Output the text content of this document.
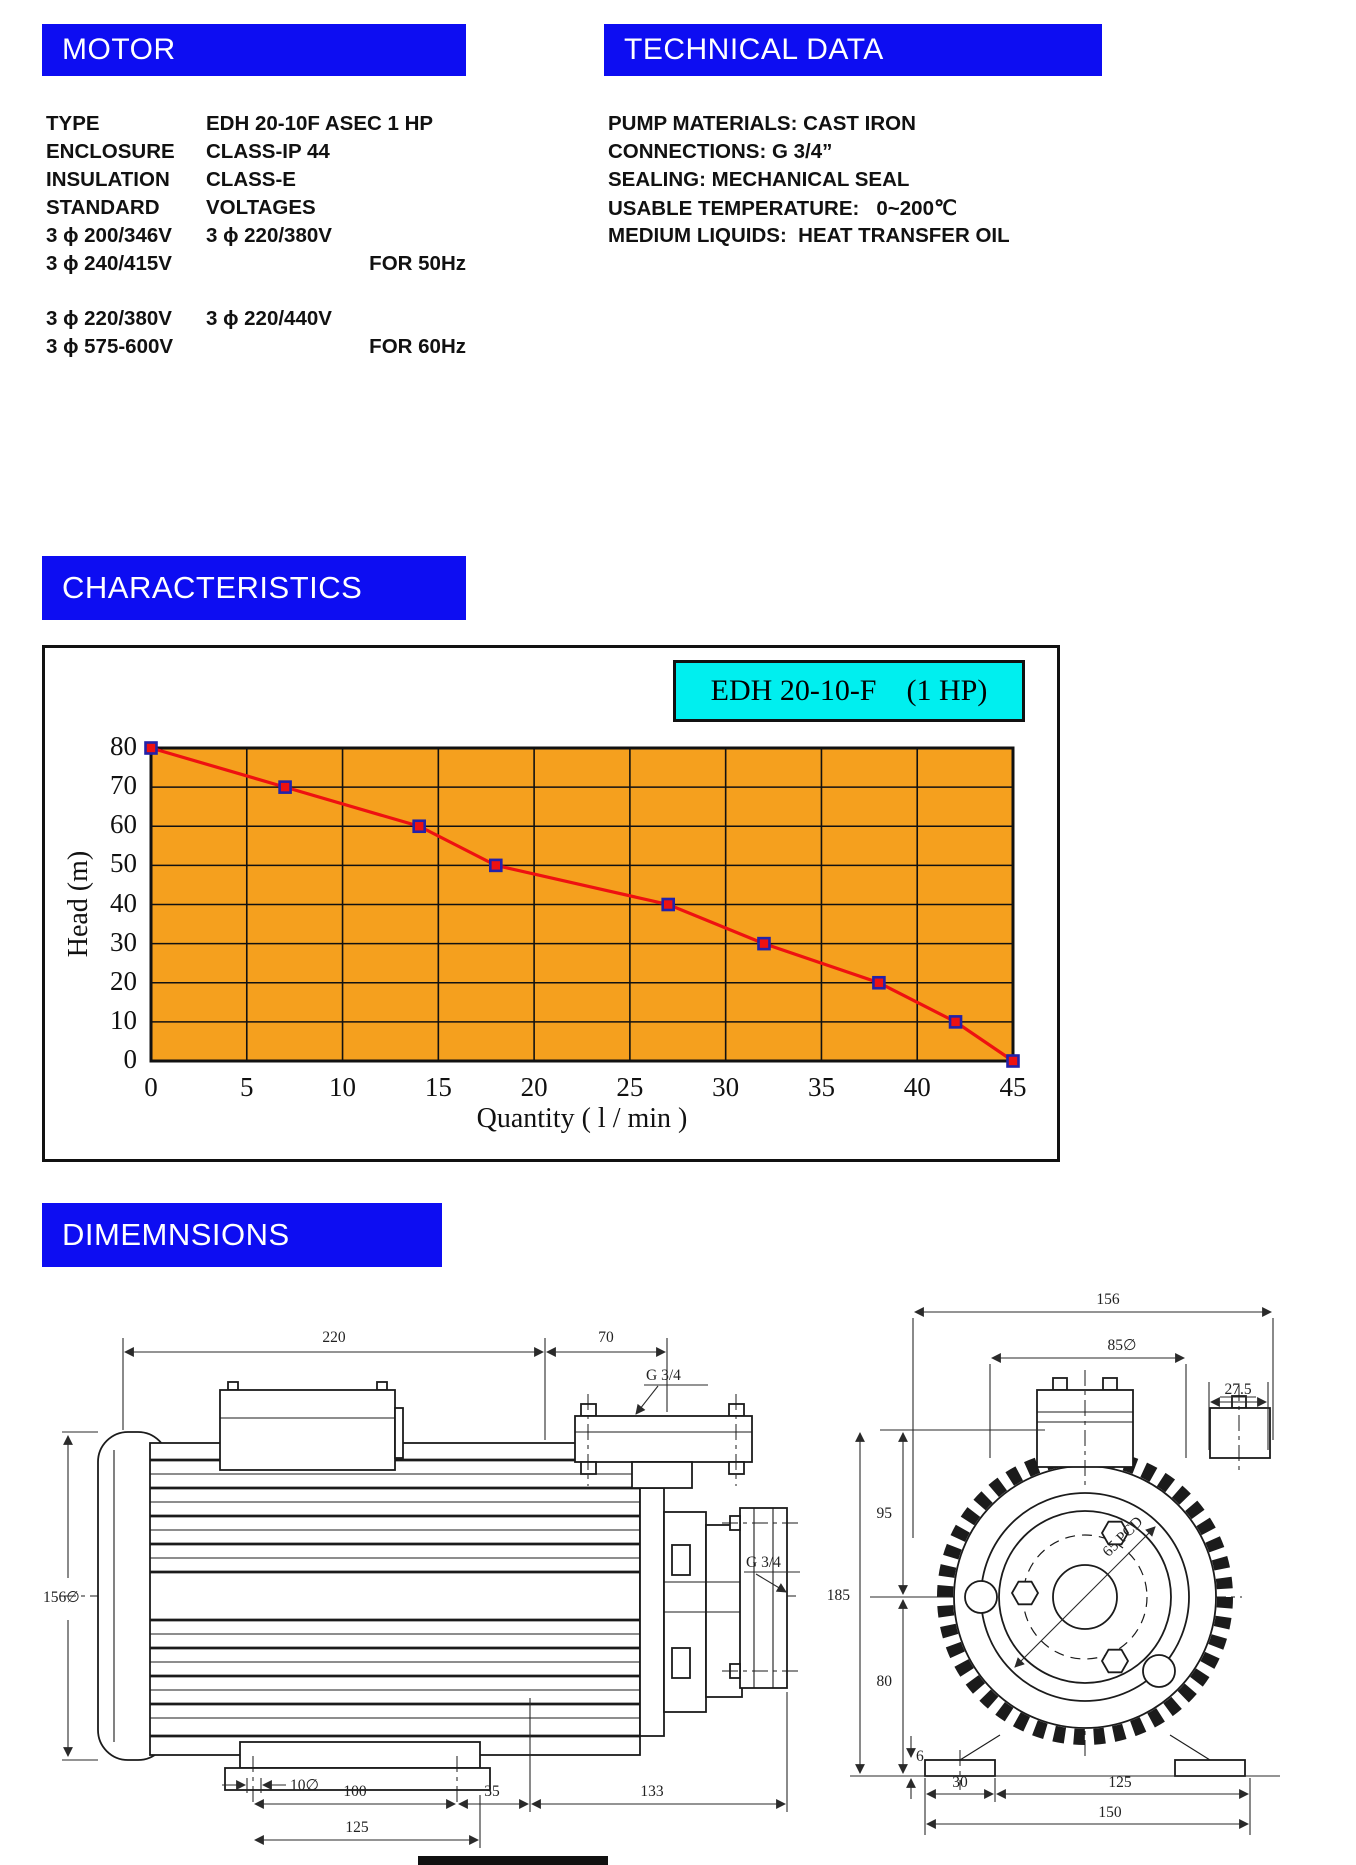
MOTOR	TECHNICAL DATA
TYPE	EDH 20-10F ASEC 1 HP
ENCLOSURE	CLASS-IP 44
INSULATION	CLASS-E
STANDARD	VOLTAGES
3 ϕ 200/346V	3 ϕ 220/380V
3 ϕ 240/415V	FOR 50Hz
3 ϕ 220/380V	3 ϕ 220/440V
3 ϕ 575-600V	FOR 60Hz
PUMP MATERIALS: CAST IRON
CONNECTIONS: G 3/4”
SEALING: MECHANICAL SEAL
USABLE TEMPERATURE:   0~200℃
MEDIUM LIQUIDS:  HEAT TRANSFER OIL
CHARACTERISTICS
EDH 20-10-F    (1 HP)
0
10
20
30
40
50
60
70
80
0	5	10	15	20	25	30	35	40	45
Head (m)
Quantity ( l / min )
DIMEMNSIONS
220	70
G 3/4
156∅
G 3/4
10∅ 100	35	133
125
65 PCD
156
85∅
27.5
95
185
80
6
30	125
150
